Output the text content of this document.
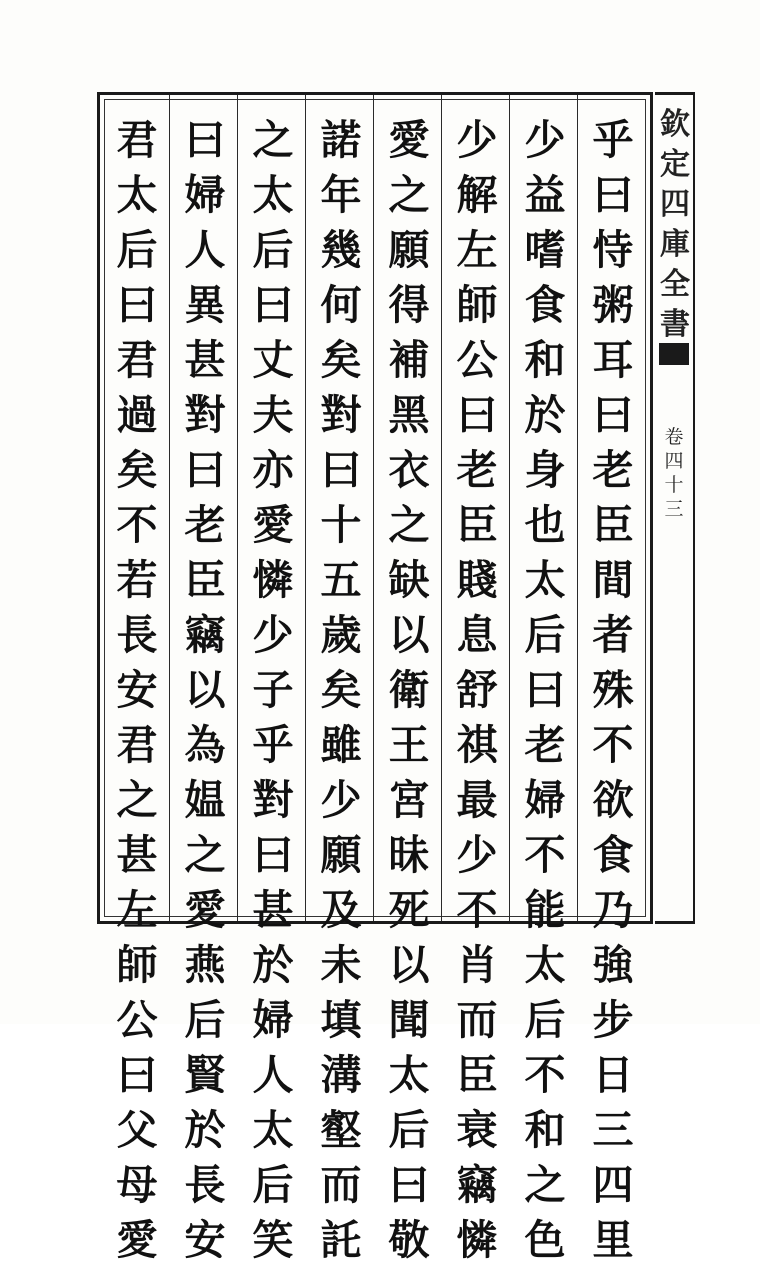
乎
曰
恃
粥
耳
曰
老
臣
間
者
殊
不
欲
食
乃
強
步
日
三
四
里
少
益
嗜
食
和
於
身
也
太
后
曰
老
婦
不
能
太
后
不
和
之
色
少
解
左
師
公
曰
老
臣
賤
息
舒
祺
最
少
不
肖
而
臣
衰
竊
憐
愛
之
願
得
補
黑
衣
之
缺
以
衛
王
宮
昧
死
以
聞
太
后
曰
敬
諾
年
幾
何
矣
對
曰
十
五
歲
矣
雖
少
願
及
未
填
溝
壑
而
託
之
太
后
曰
丈
夫
亦
愛
憐
少
子
乎
對
曰
甚
於
婦
人
太
后
笑
曰
婦
人
異
甚
對
曰
老
臣
竊
以
為
媪
之
愛
燕
后
賢
於
長
安
君
太
后
曰
君
過
矣
不
若
長
安
君
之
甚
左
師
公
曰
父
母
愛
欽
定
四
庫
全
書
卷
四
十
三
